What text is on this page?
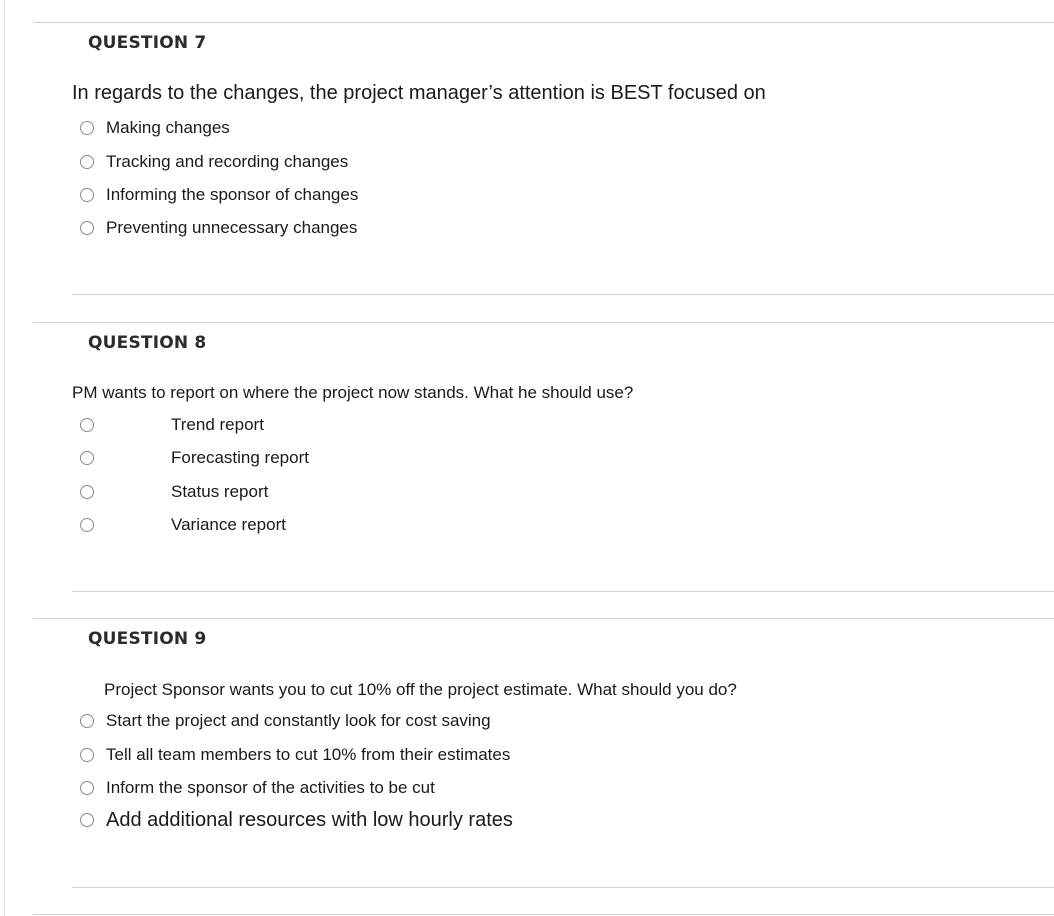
QUESTION 7
In regards to the changes, the project manager’s attention is BEST focused on
Making changes
Tracking and recording changes
Informing the sponsor of changes
Preventing unnecessary changes
QUESTION 8
PM wants to report on where the project now stands. What he should use?
Trend report
Forecasting report
Status report
Variance report
QUESTION 9
Project Sponsor wants you to cut 10% off the project estimate. What should you do?
Start the project and constantly look for cost saving
Tell all team members to cut 10% from their estimates
Inform the sponsor of the activities to be cut
Add additional resources with low hourly rates
